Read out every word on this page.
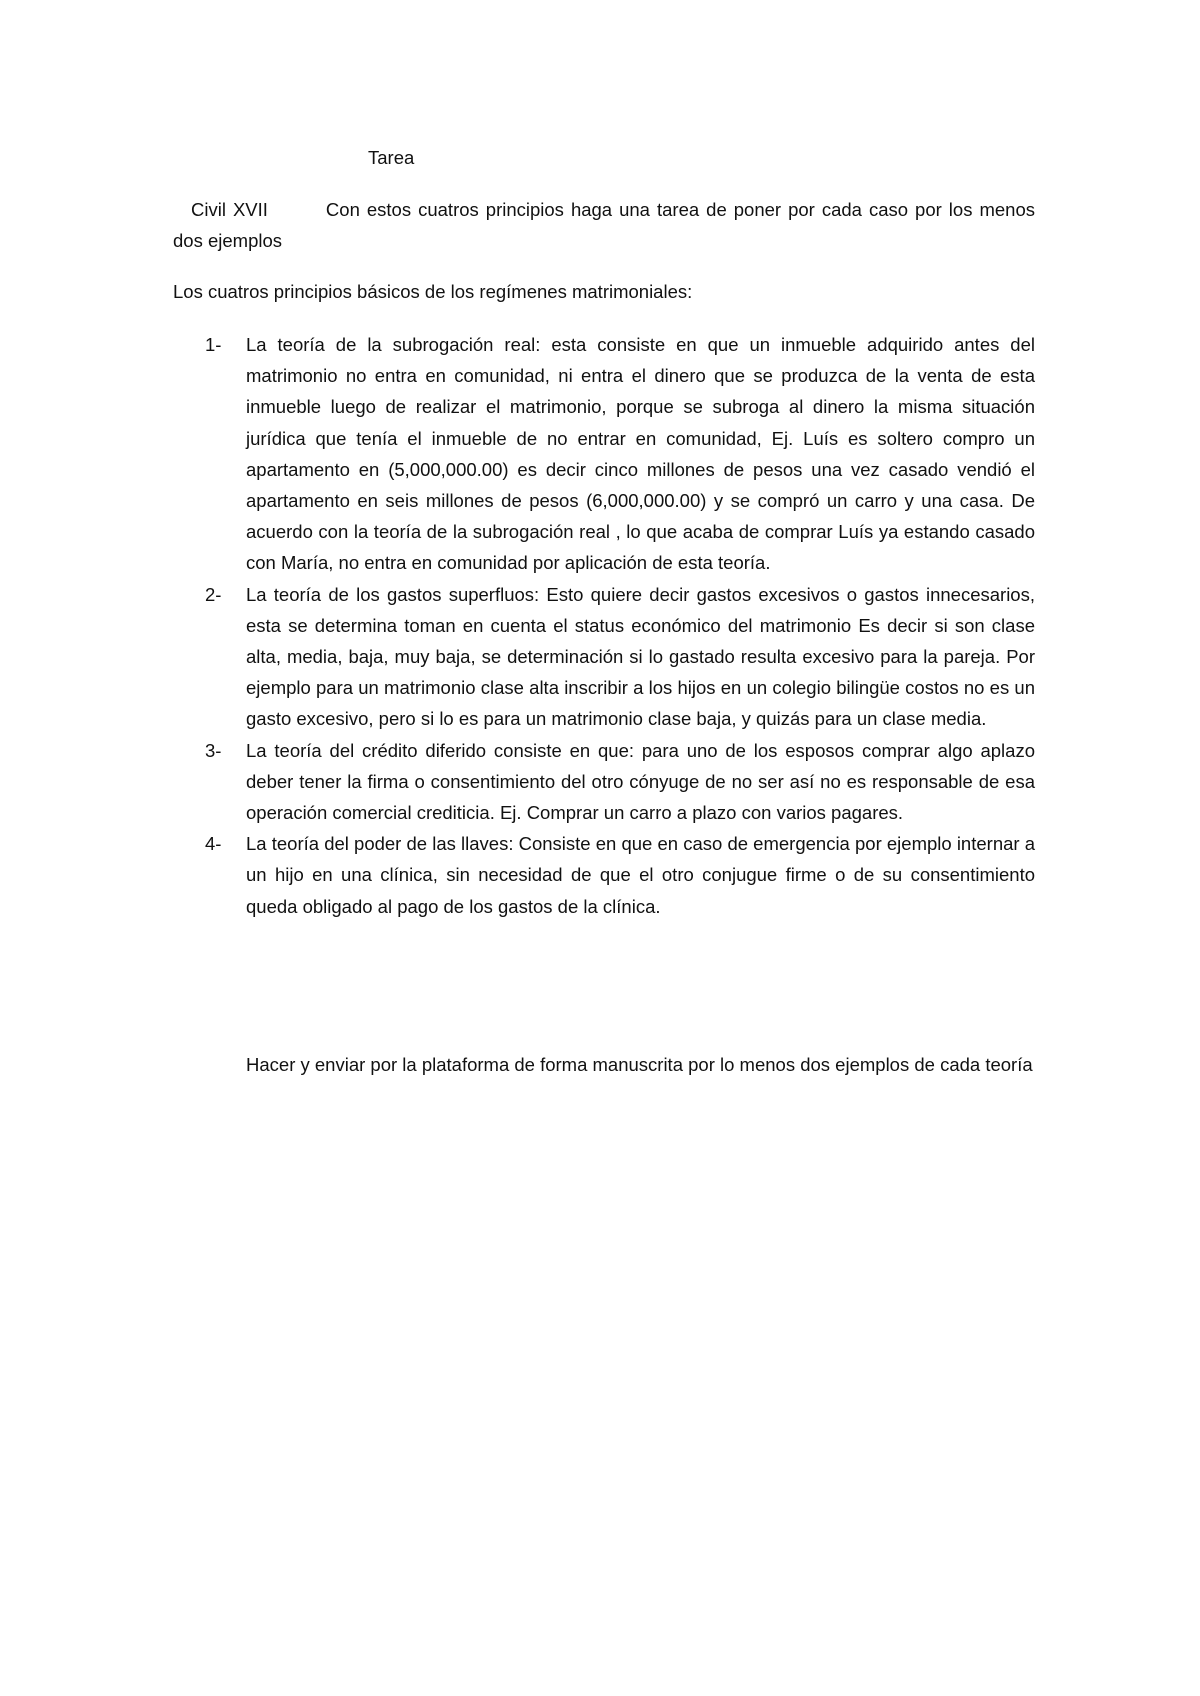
Tarea

Civil XVII	Con estos cuatros principios haga una tarea de poner por cada caso por los menos dos ejemplos

Los cuatros principios básicos de los regímenes matrimoniales:

1- La teoría de la subrogación real: esta consiste en que un inmueble adquirido antes del matrimonio no entra en comunidad, ni entra el dinero que se produzca de la venta de esta inmueble luego de realizar el matrimonio, porque se subroga al dinero la misma situación jurídica que tenía el inmueble de no entrar en comunidad, Ej. Luís es soltero compro un apartamento en (5,000,000.00) es decir cinco millones de pesos una vez casado vendió el apartamento en seis millones de pesos (6,000,000.00) y se compró un carro y una casa. De acuerdo con la teoría de la subrogación real , lo que acaba de comprar Luís ya estando casado con María, no entra en comunidad por aplicación de esta teoría.
2- La teoría de los gastos superfluos: Esto quiere decir gastos excesivos o gastos innecesarios, esta se determina toman en cuenta el status económico del matrimonio Es decir si son clase alta, media, baja, muy baja, se determinación si lo gastado resulta excesivo para la pareja. Por ejemplo para un matrimonio clase alta inscribir a los hijos en un colegio bilingüe costos no es un gasto excesivo, pero si lo es para un matrimonio clase baja, y quizás para un clase media.
3- La teoría del crédito diferido consiste en que: para uno de los esposos comprar algo aplazo deber tener la firma o consentimiento del otro cónyuge de no ser así no es responsable de esa operación comercial crediticia. Ej. Comprar un carro a plazo con varios pagares.
4- La teoría del poder de las llaves: Consiste en que en caso de emergencia por ejemplo internar a un hijo en una clínica, sin necesidad de que el otro conjugue firme o de su consentimiento queda obligado al pago de los gastos de la clínica.

Hacer y enviar por la plataforma de forma manuscrita por lo menos dos ejemplos de cada teoría
